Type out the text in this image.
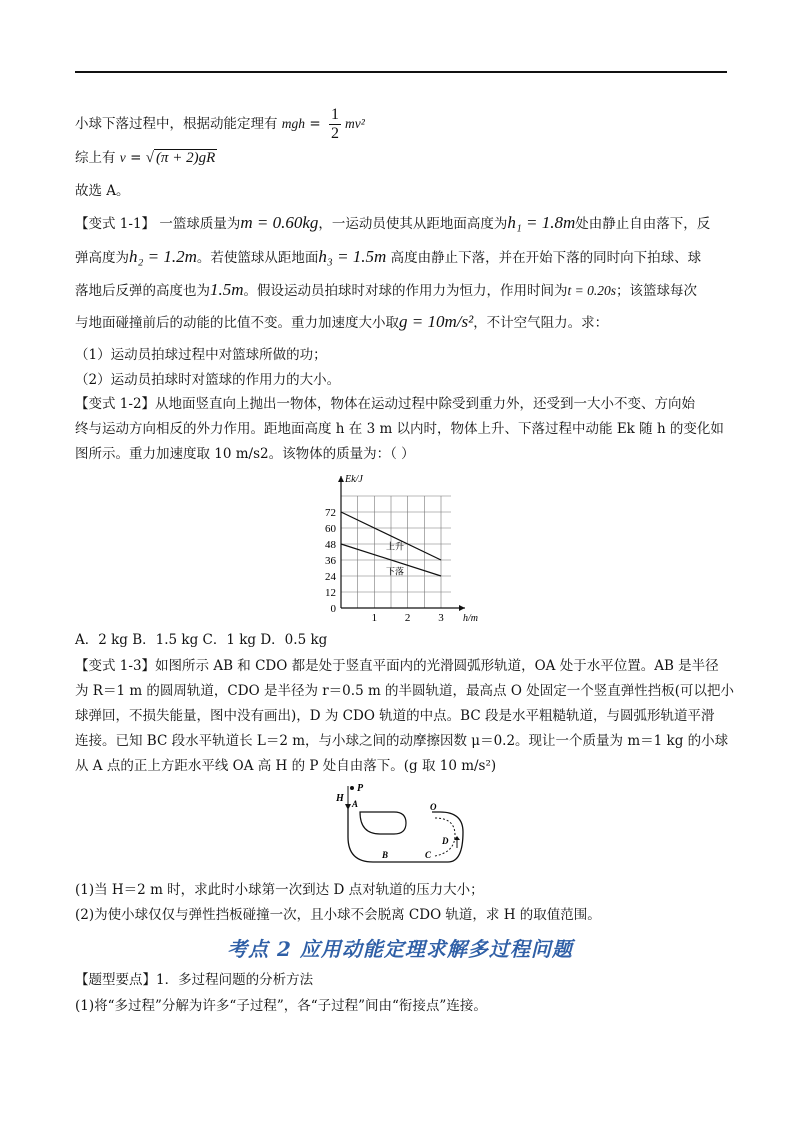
小球下落过程中，根据动能定理有 mgh = $\frac{1}{2} mv^2$
综上有 v = √ (π + 2)gR
故选 A。
【变式 1-1】 一篮球质量为m = 0.60kg，一运动员使其从距地面高度为h₁ = 1.8m处由静止自由落下，反
弹高度为h₂ = 1.2m。若使篮球从距地面h₃ = 1.5m 高度由静止下落，并在开始下落的同时向下拍球、球
落地后反弹的高度也为1.5m。假设运动员拍球时对球的作用力为恒力，作用时间为t = 0.20s；该篮球每次
与地面碰撞前后的动能的比值不变。重力加速度大小取g = 10m/s²，不计空气阻力。求：
（1）运动员拍球过程中对篮球所做的功；
（2）运动员拍球时对篮球的作用力的大小。
【变式 1-2】从地面竖直向上抛出一物体，物体在运动过程中除受到重力外，还受到一大小不变、方向始
终与运动方向相反的外力作用。距地面高度 h 在 3 m 以内时，物体上升、下落过程中动能 Ek 随 h 的变化如
图所示。重力加速度取 10 m/s2。该物体的质量为：（ ）
72
60
48
36
24
12
0
1	2	3
Ek/J
h/m
上升
下落
A．2 kg B．1.5 kg C．1 kg D．0.5 kg
【变式 1-3】如图所示 AB 和 CDO 都是处于竖直平面内的光滑圆弧形轨道，OA 处于水平位置。AB 是半径
为 R＝1 m 的圆周轨道，CDO 是半径为 r＝0.5 m 的半圆轨道，最高点 O 处固定一个竖直弹性挡板(可以把小
球弹回，不损失能量，图中没有画出)，D 为 CDO 轨道的中点。BC 段是水平粗糙轨道，与圆弧形轨道平滑
连接。已知 BC 段水平轨道长 L＝2 m，与小球之间的动摩擦因数 μ＝0.2。现让一个质量为 m＝1 kg 的小球
从 A 点的正上方距水平线 OA 高 H 的 P 处自由落下。(g 取 10 m/s²)
P
H A
B	C
D
O
(1)当 H＝2 m 时，求此时小球第一次到达 D 点对轨道的压力大小；
(2)为使小球仅仅与弹性挡板碰撞一次，且小球不会脱离 CDO 轨道，求 H 的取值范围。
考点 2 应用动能定理求解多过程问题
【题型要点】1．多过程问题的分析方法
(1)将“多过程”分解为许多“子过程”，各“子过程”间由“衔接点”连接。
